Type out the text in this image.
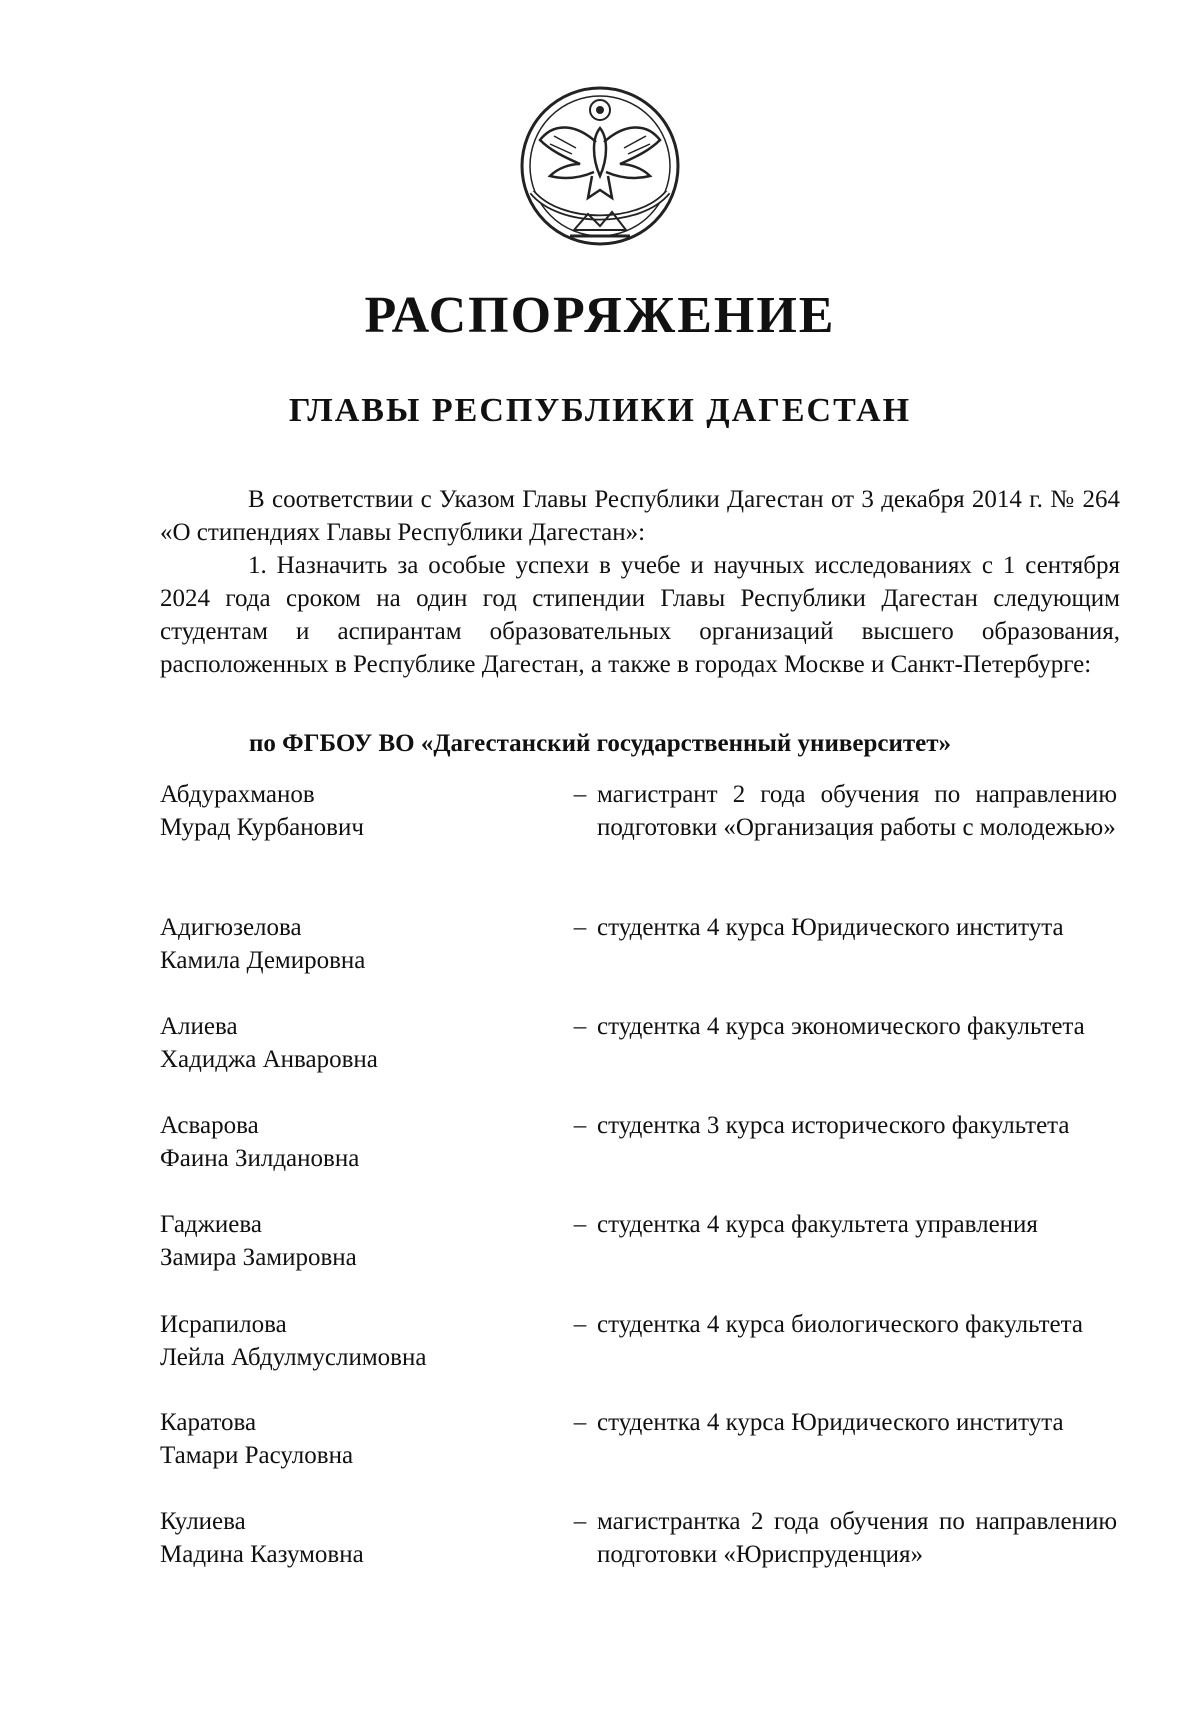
РАСПОРЯЖЕНИЕ
ГЛАВЫ РЕСПУБЛИКИ ДАГЕСТАН

В соответствии с Указом Главы Республики Дагестан от 3 декабря 2014 г. № 264 «О стипендиях Главы Республики Дагестан»:

1. Назначить за особые успехи в учебе и научных исследованиях с 1 сентября 2024 года сроком на один год стипендии Главы Республики Дагестан следующим студентам и аспирантам образовательных организаций высшего образования, расположенных в Республике Дагестан, а также в городах Москве и Санкт-Петербурге:

по ФГБОУ ВО «Дагестанский государственный университет»
Абдурахманов
Мурад Курбанович
– магистрант 2 года обучения по направлению подготовки «Организация работы с молодежью»
Адигюзелова
Камила Демировна
– студентка 4 курса Юридического института
Алиева
Хадиджа Анваровна
– студентка 4 курса экономического факультета
Асварова
Фаина Зилдановна
– студентка 3 курса исторического факультета
Гаджиева
Замира Замировна
– студентка 4 курса факультета управления
Исрапилова
Лейла Абдулмуслимовна
– студентка 4 курса биологического факультета
Каратова
Тамари Расуловна
– студентка 4 курса Юридического института
Кулиева
Мадина Казумовна
– магистрантка 2 года обучения по направлению подготовки «Юриспруденция»
